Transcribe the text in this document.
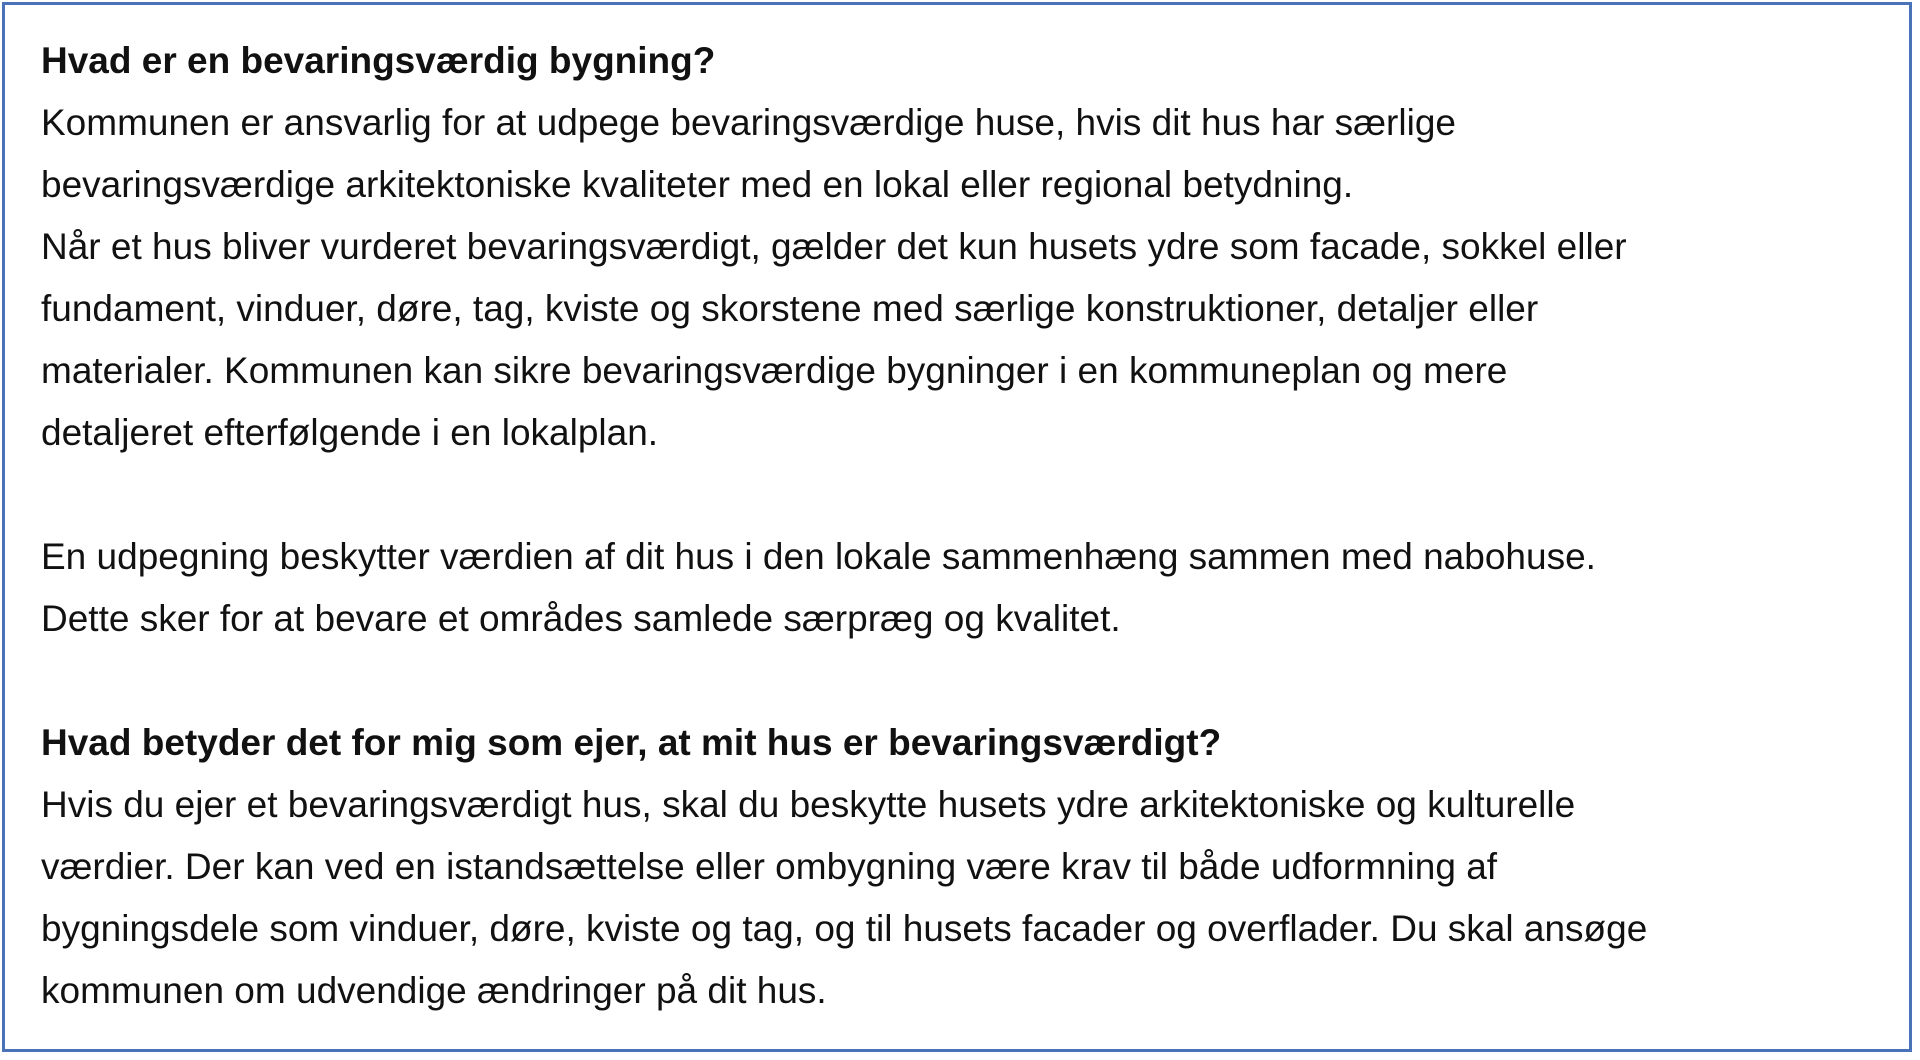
Hvad er en bevaringsværdig bygning?
Kommunen er ansvarlig for at udpege bevaringsværdige huse, hvis dit hus har særlige
bevaringsværdige arkitektoniske kvaliteter med en lokal eller regional betydning.
Når et hus bliver vurderet bevaringsværdigt, gælder det kun husets ydre som facade, sokkel eller
fundament, vinduer, døre, tag, kviste og skorstene med særlige konstruktioner, detaljer eller
materialer. Kommunen kan sikre bevaringsværdige bygninger i en kommuneplan og mere
detaljeret efterfølgende i en lokalplan.
En udpegning beskytter værdien af dit hus i den lokale sammenhæng sammen med nabohuse.
Dette sker for at bevare et områdes samlede særpræg og kvalitet.
Hvad betyder det for mig som ejer, at mit hus er bevaringsværdigt?
Hvis du ejer et bevaringsværdigt hus, skal du beskytte husets ydre arkitektoniske og kulturelle
værdier. Der kan ved en istandsættelse eller ombygning være krav til både udformning af
bygningsdele som vinduer, døre, kviste og tag, og til husets facader og overflader. Du skal ansøge
kommunen om udvendige ændringer på dit hus.
